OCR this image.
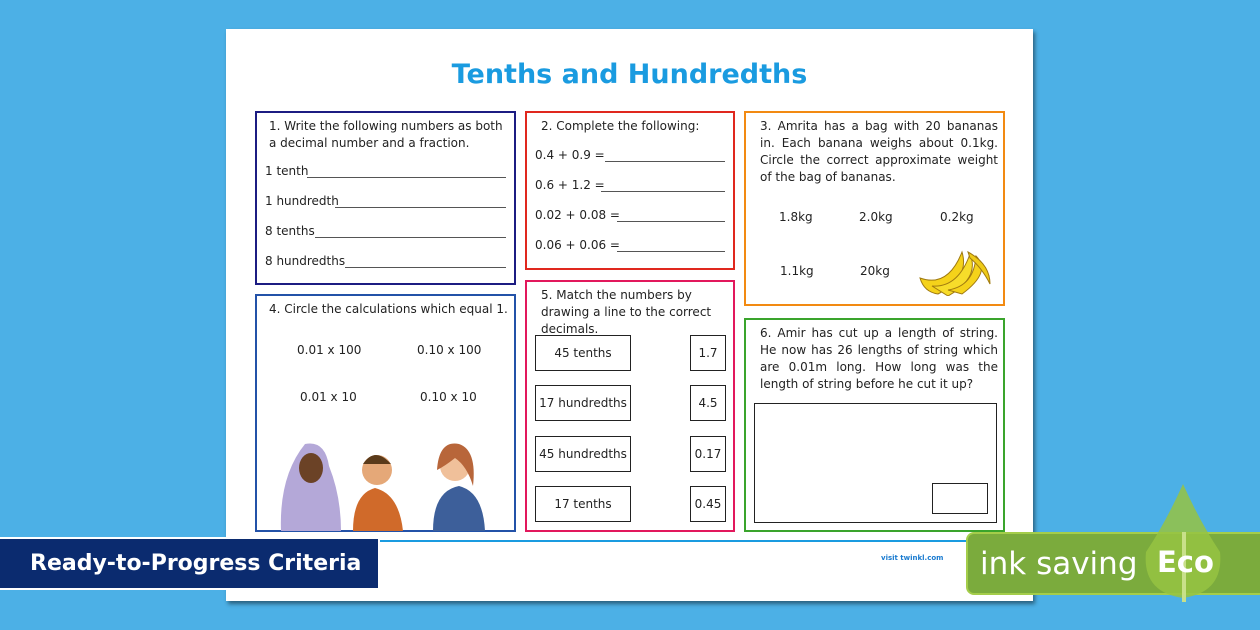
Tenths and Hundredths
1. Write the following numbers as both a decimal number and a fraction.
1 tenth
1 hundredth
8 tenths
8 hundredths
2. Complete the following:
0.4 + 0.9 =
0.6 + 1.2 =
0.02 + 0.08 =
0.06 + 0.06 =
3. Amrita has a bag with 20 bananas in. Each banana weighs about 0.1kg. Circle the correct approximate weight of the bag of bananas.
1.8kg	2.0kg	0.2kg
1.1kg	20kg
4. Circle the calculations which equal 1.
0.01 x 100	0.10 x 100
0.01 x 10	0.10 x 10
5. Match the numbers by drawing a line to the correct decimals.
45 tenths
17 hundredths
45 hundredths
17 tenths
1.7
4.5
0.17
0.45
6. Amir has cut up a length of string. He now has 26 lengths of string which are 0.01m long. How long was the length of string before he cut it up?
visit twinkl.com
Ready-to-Progress Criteria	ink saving Eco
